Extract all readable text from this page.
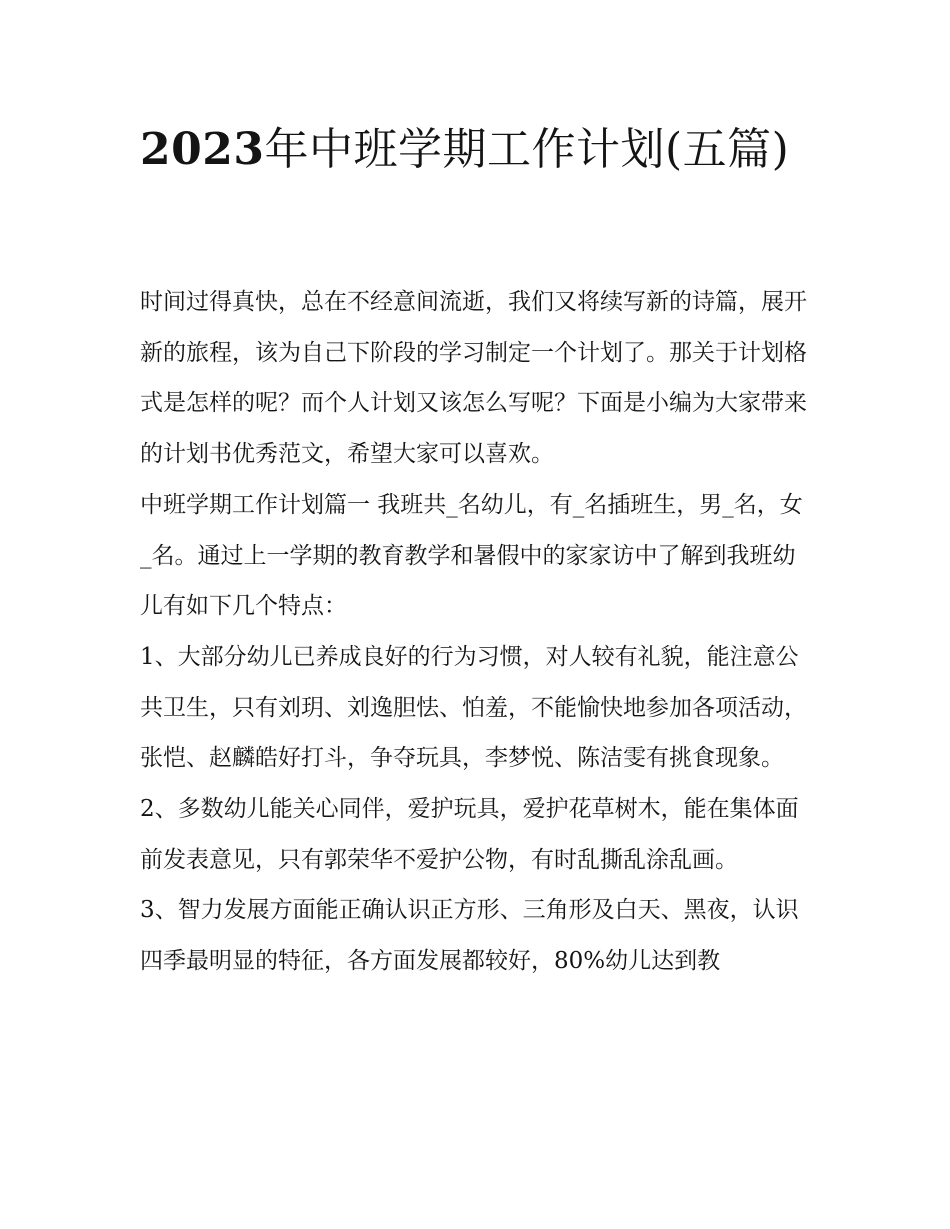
2023年中班学期工作计划(五篇)

时间过得真快，总在不经意间流逝，我们又将续写新的诗篇，展开新的旅程，该为自己下阶段的学习制定一个计划了。那关于计划格式是怎样的呢？而个人计划又该怎么写呢？下面是小编为大家带来的计划书优秀范文，希望大家可以喜欢。

中班学期工作计划篇一 我班共_名幼儿，有_名插班生，男_名，女_名。通过上一学期的教育教学和暑假中的家家访中了解到我班幼儿有如下几个特点：

1、大部分幼儿已养成良好的行为习惯，对人较有礼貌，能注意公共卫生，只有刘玥、刘逸胆怯、怕羞，不能愉快地参加各项活动，张恺、赵麟皓好打斗，争夺玩具，李梦悦、陈洁雯有挑食现象。

2、多数幼儿能关心同伴，爱护玩具，爱护花草树木，能在集体面前发表意见，只有郭荣华不爱护公物，有时乱撕乱涂乱画。

3、智力发展方面能正确认识正方形、三角形及白天、黑夜，认识四季最明显的特征，各方面发展都较好，80%幼儿达到教
